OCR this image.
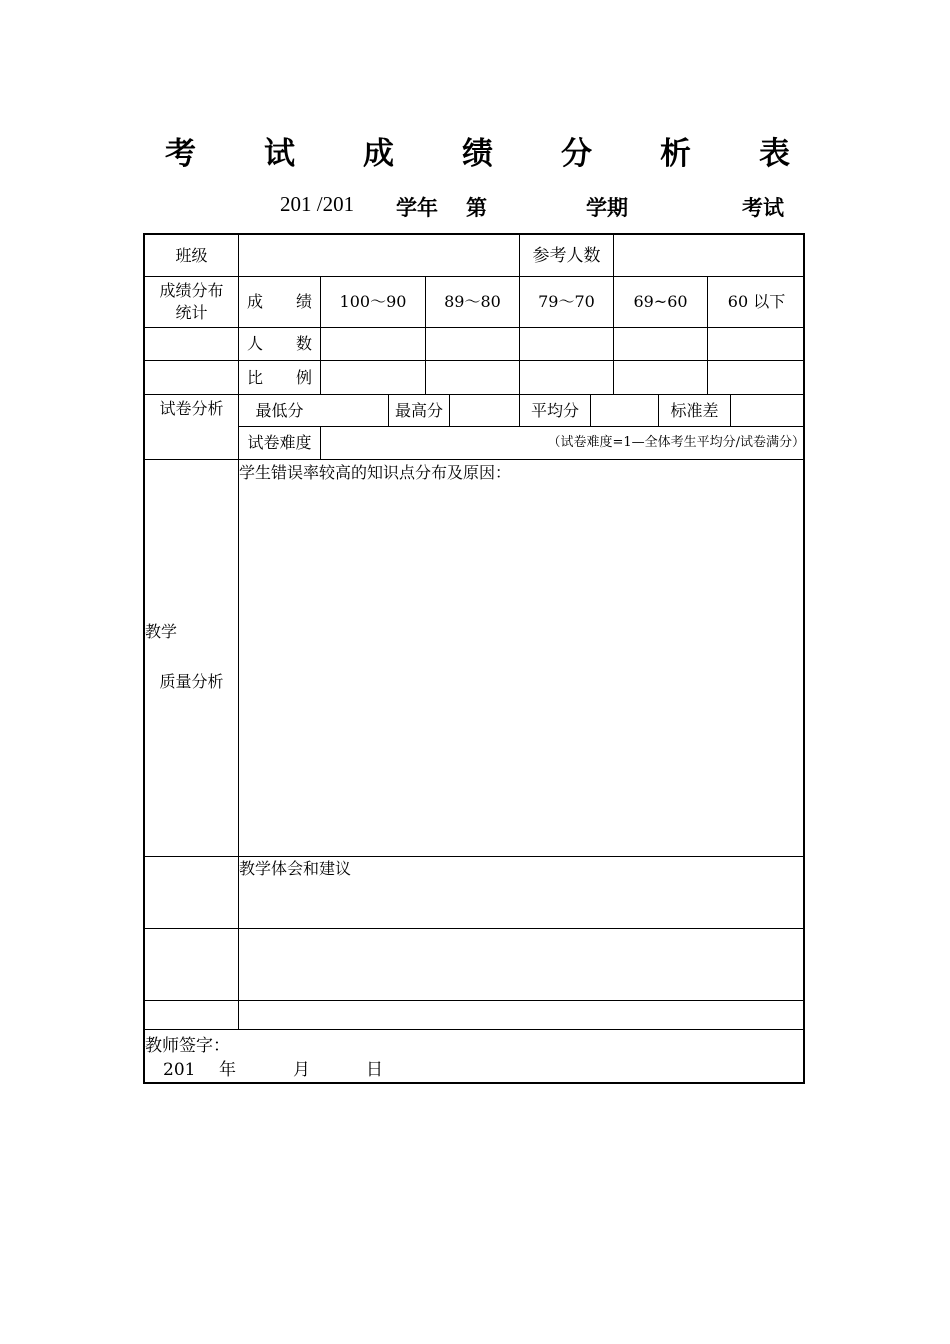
考 试 成 绩 分 析 表
201 /201 学年 第	学期	考试
班级	参考人数
成绩分布
统计
成 绩	100～90	89～80	79～70	69~60	60 以下
人 数
比 例
试卷分析	最低分	最高分	平均分	标准差
试卷难度	（试卷难度=1—全体考生平均分/试卷满分）
教学
质量分析
学生错误率较高的知识点分布及原因：
教学体会和建议
教师签字：
201	年	月	日
